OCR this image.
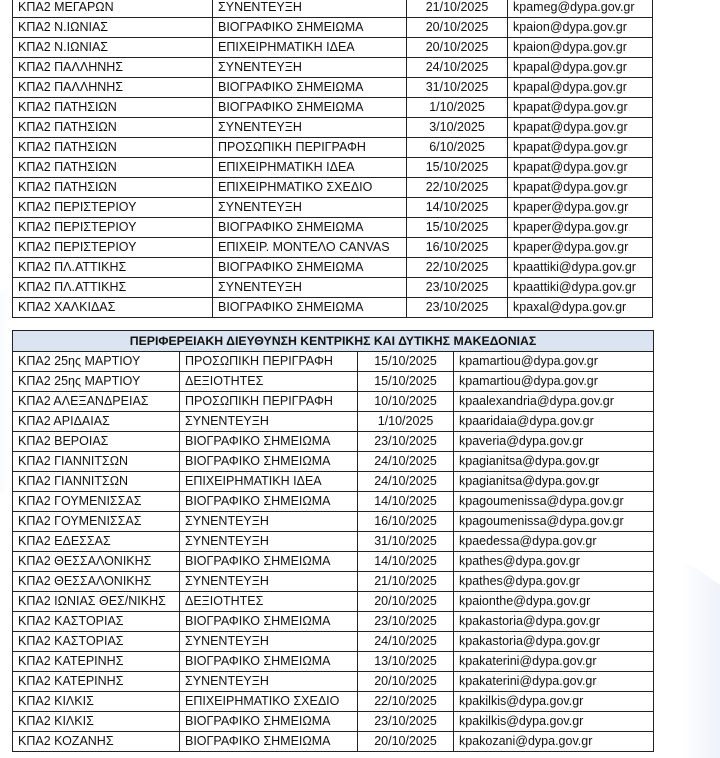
ΚΠΑ2 ΜΕΓΑΡΩΝ	ΣΥΝΕΝΤΕΥΞΗ	21/10/2025	kpameg@dypa.gov.gr
ΚΠΑ2 Ν.ΙΩΝΙΑΣ	ΒΙΟΓΡΑΦΙΚΟ ΣΗΜΕΙΩΜΑ	20/10/2025	kpaion@dypa.gov.gr
ΚΠΑ2 Ν.ΙΩΝΙΑΣ	ΕΠΙΧΕΙΡΗΜΑΤΙΚΗ ΙΔΕΑ	20/10/2025	kpaion@dypa.gov.gr
ΚΠΑ2 ΠΑΛΛΗΝΗΣ	ΣΥΝΕΝΤΕΥΞΗ	24/10/2025	kpapal@dypa.gov.gr
ΚΠΑ2 ΠΑΛΛΗΝΗΣ	ΒΙΟΓΡΑΦΙΚΟ ΣΗΜΕΙΩΜΑ	31/10/2025	kpapal@dypa.gov.gr
ΚΠΑ2 ΠΑΤΗΣΙΩΝ	ΒΙΟΓΡΑΦΙΚΟ ΣΗΜΕΙΩΜΑ	1/10/2025	kpapat@dypa.gov.gr
ΚΠΑ2 ΠΑΤΗΣΙΩΝ	ΣΥΝΕΝΤΕΥΞΗ	3/10/2025	kpapat@dypa.gov.gr
ΚΠΑ2 ΠΑΤΗΣΙΩΝ	ΠΡΟΣΩΠΙΚΗ ΠΕΡΙΓΡΑΦΗ	6/10/2025	kpapat@dypa.gov.gr
ΚΠΑ2 ΠΑΤΗΣΙΩΝ	ΕΠΙΧΕΙΡΗΜΑΤΙΚΗ ΙΔΕΑ	15/10/2025	kpapat@dypa.gov.gr
ΚΠΑ2 ΠΑΤΗΣΙΩΝ	ΕΠΙΧΕΙΡΗΜΑΤΙΚΟ ΣΧΕΔΙΟ	22/10/2025	kpapat@dypa.gov.gr
ΚΠΑ2 ΠΕΡΙΣΤΕΡΙΟΥ	ΣΥΝΕΝΤΕΥΞΗ	14/10/2025	kpaper@dypa.gov.gr
ΚΠΑ2 ΠΕΡΙΣΤΕΡΙΟΥ	ΒΙΟΓΡΑΦΙΚΟ ΣΗΜΕΙΩΜΑ	15/10/2025	kpaper@dypa.gov.gr
ΚΠΑ2 ΠΕΡΙΣΤΕΡΙΟΥ	ΕΠΙΧΕΙΡ. ΜΟΝΤΕΛΟ CANVAS	16/10/2025	kpaper@dypa.gov.gr
ΚΠΑ2 ΠΛ.ΑΤΤΙΚΗΣ	ΒΙΟΓΡΑΦΙΚΟ ΣΗΜΕΙΩΜΑ	22/10/2025	kpaattiki@dypa.gov.gr
ΚΠΑ2 ΠΛ.ΑΤΤΙΚΗΣ	ΣΥΝΕΝΤΕΥΞΗ	23/10/2025	kpaattiki@dypa.gov.gr
ΚΠΑ2 ΧΑΛΚΙΔΑΣ	ΒΙΟΓΡΑΦΙΚΟ ΣΗΜΕΙΩΜΑ	23/10/2025	kpaxal@dypa.gov.gr
ΠΕΡΙΦΕΡΕΙΑΚΗ ΔΙΕΥΘΥΝΣΗ ΚΕΝΤΡΙΚΗΣ ΚΑΙ ΔΥΤΙΚΗΣ ΜΑΚΕΔΟΝΙΑΣ			
ΚΠΑ2 25ης ΜΑΡΤΙΟΥ	ΠΡΟΣΩΠΙΚΗ ΠΕΡΙΓΡΑΦΗ	15/10/2025	kpamartiou@dypa.gov.gr
ΚΠΑ2 25ης ΜΑΡΤΙΟΥ	ΔΕΞΙΟΤΗΤΕΣ	15/10/2025	kpamartiou@dypa.gov.gr
ΚΠΑ2 ΑΛΕΞΑΝΔΡΕΙΑΣ	ΠΡΟΣΩΠΙΚΗ ΠΕΡΙΓΡΑΦΗ	10/10/2025	kpaalexandria@dypa.gov.gr
ΚΠΑ2 ΑΡΙΔΑΙΑΣ	ΣΥΝΕΝΤΕΥΞΗ	1/10/2025	kpaaridaia@dypa.gov.gr
ΚΠΑ2 ΒΕΡΟΙΑΣ	ΒΙΟΓΡΑΦΙΚΟ ΣΗΜΕΙΩΜΑ	23/10/2025	kpaveria@dypa.gov.gr
ΚΠΑ2 ΓΙΑΝΝΙΤΣΩΝ	ΒΙΟΓΡΑΦΙΚΟ ΣΗΜΕΙΩΜΑ	24/10/2025	kpagianitsa@dypa.gov.gr
ΚΠΑ2 ΓΙΑΝΝΙΤΣΩΝ	ΕΠΙΧΕΙΡΗΜΑΤΙΚΗ ΙΔΕΑ	24/10/2025	kpagianitsa@dypa.gov.gr
ΚΠΑ2 ΓΟΥΜΕΝΙΣΣΑΣ	ΒΙΟΓΡΑΦΙΚΟ ΣΗΜΕΙΩΜΑ	14/10/2025	kpagoumenissa@dypa.gov.gr
ΚΠΑ2 ΓΟΥΜΕΝΙΣΣΑΣ	ΣΥΝΕΝΤΕΥΞΗ	16/10/2025	kpagoumenissa@dypa.gov.gr
ΚΠΑ2 ΕΔΕΣΣΑΣ	ΣΥΝΕΝΤΕΥΞΗ	31/10/2025	kpaedessa@dypa.gov.gr
ΚΠΑ2 ΘΕΣΣΑΛΟΝΙΚΗΣ	ΒΙΟΓΡΑΦΙΚΟ ΣΗΜΕΙΩΜΑ	14/10/2025	kpathes@dypa.gov.gr
ΚΠΑ2 ΘΕΣΣΑΛΟΝΙΚΗΣ	ΣΥΝΕΝΤΕΥΞΗ	21/10/2025	kpathes@dypa.gov.gr
ΚΠΑ2 ΙΩΝΙΑΣ ΘΕΣ/ΝΙΚΗΣ	ΔΕΞΙΟΤΗΤΕΣ	20/10/2025	kpaionthe@dypa.gov.gr
ΚΠΑ2 ΚΑΣΤΟΡΙΑΣ	ΒΙΟΓΡΑΦΙΚΟ ΣΗΜΕΙΩΜΑ	23/10/2025	kpakastoria@dypa.gov.gr
ΚΠΑ2 ΚΑΣΤΟΡΙΑΣ	ΣΥΝΕΝΤΕΥΞΗ	24/10/2025	kpakastoria@dypa.gov.gr
ΚΠΑ2 ΚΑΤΕΡΙΝΗΣ	ΒΙΟΓΡΑΦΙΚΟ ΣΗΜΕΙΩΜΑ	13/10/2025	kpakaterini@dypa.gov.gr
ΚΠΑ2 ΚΑΤΕΡΙΝΗΣ	ΣΥΝΕΝΤΕΥΞΗ	20/10/2025	kpakaterini@dypa.gov.gr
ΚΠΑ2 ΚΙΛΚΙΣ	ΕΠΙΧΕΙΡΗΜΑΤΙΚΟ ΣΧΕΔΙΟ	22/10/2025	kpakilkis@dypa.gov.gr
ΚΠΑ2 ΚΙΛΚΙΣ	ΒΙΟΓΡΑΦΙΚΟ ΣΗΜΕΙΩΜΑ	23/10/2025	kpakilkis@dypa.gov.gr
ΚΠΑ2 ΚΟΖΑΝΗΣ	ΒΙΟΓΡΑΦΙΚΟ ΣΗΜΕΙΩΜΑ	20/10/2025	kpakozani@dypa.gov.gr
